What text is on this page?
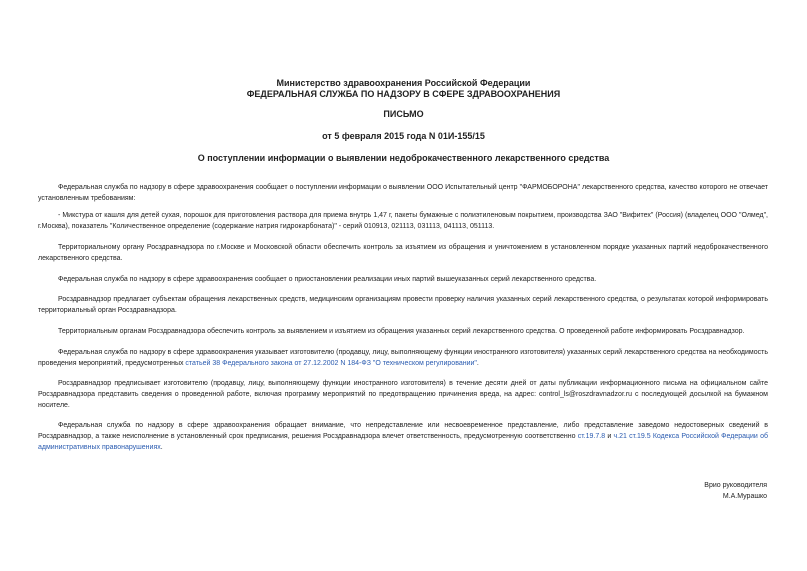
Министерство здравоохранения Российской Федерации
ФЕДЕРАЛЬНАЯ СЛУЖБА ПО НАДЗОРУ В СФЕРЕ ЗДРАВООХРАНЕНИЯ
ПИСЬМО
от 5 февраля 2015 года N 01И-155/15
О поступлении информации о выявлении недоброкачественного лекарственного средства
Федеральная служба по надзору в сфере здравоохранения сообщает о поступлении информации о выявлении ООО Испытательный центр "ФАРМОБОРОНА" лекарственного средства, качество которого не отвечает установленным требованиям:
- Микстура от кашля для детей сухая, порошок для приготовления раствора для приема внутрь 1,47 г, пакеты бумажные с полиэтиленовым покрытием, производства ЗАО "Вифитех" (Россия) (владелец ООО "Олмед", г.Москва), показатель "Количественное определение (содержание натрия гидрокарбоната)" - серий 010913, 021113, 031113, 041113, 051113.
Территориальному органу Росздравнадзора по г.Москве и Московской области обеспечить контроль за изъятием из обращения и уничтожением в установленном порядке указанных партий недоброкачественного лекарственного средства.
Федеральная служба по надзору в сфере здравоохранения сообщает о приостановлении реализации иных партий вышеуказанных серий лекарственного средства.
Росздравнадзор предлагает субъектам обращения лекарственных средств, медицинским организациям провести проверку наличия указанных серий лекарственного средства, о результатах которой информировать территориальный орган Росздравнадзора.
Территориальным органам Росздравнадзора обеспечить контроль за выявлением и изъятием из обращения указанных серий лекарственного средства. О проведенной работе информировать Росздравнадзор.
Федеральная служба по надзору в сфере здравоохранения указывает изготовителю (продавцу, лицу, выполняющему функции иностранного изготовителя) указанных серий лекарственного средства на необходимость проведения мероприятий, предусмотренных статьей 38 Федерального закона от 27.12.2002 N 184-ФЗ "О техническом регулировании".
Росздравнадзор предписывает изготовителю (продавцу, лицу, выполняющему функции иностранного изготовителя) в течение десяти дней от даты публикации информационного письма на официальном сайте Росздравнадзора представить сведения о проведенной работе, включая программу мероприятий по предотвращению причинения вреда, на адрес: control_ls@roszdravnadzor.ru с последующей досылкой на бумажном носителе.
Федеральная служба по надзору в сфере здравоохранения обращает внимание, что непредставление или несвоевременное представление, либо представление заведомо недостоверных сведений в Росздравнадзор, а также неисполнение в установленный срок предписания, решения Росздравнадзора влечет ответственность, предусмотренную соответственно ст.19.7.8 и ч.21 ст.19.5 Кодекса Российской Федерации об административных правонарушениях.
Врио руководителя
М.А.Мурашко
